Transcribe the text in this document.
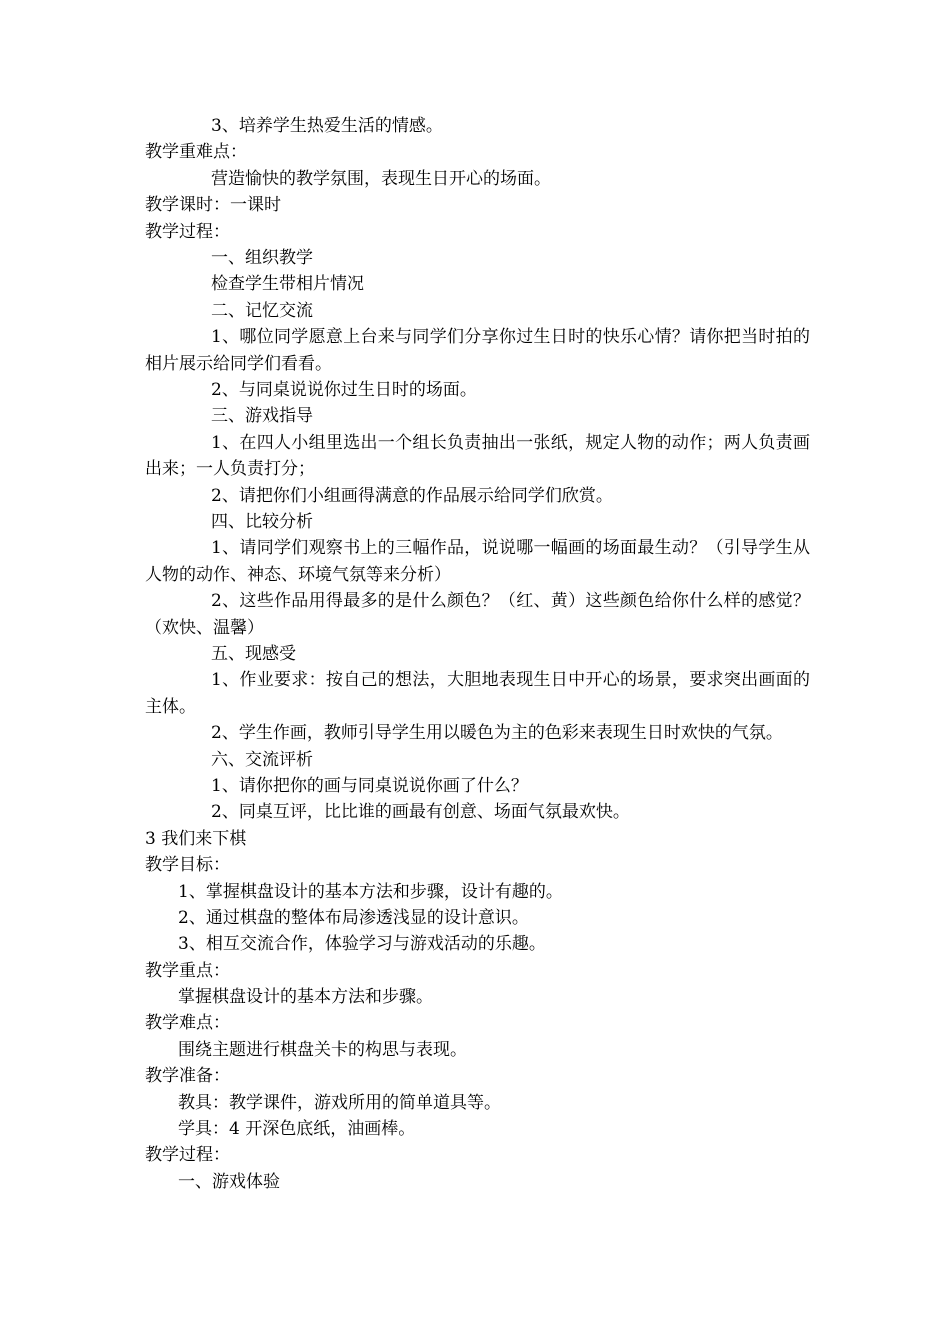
3、培养学生热爱生活的情感。
教学重难点：
营造愉快的教学氛围，表现生日开心的场面。
教学课时：一课时
教学过程：
一、组织教学
检查学生带相片情况
二、记忆交流
1、哪位同学愿意上台来与同学们分享你过生日时的快乐心情？请你把当时拍的相片展示给同学们看看。
2、与同桌说说你过生日时的场面。
三、游戏指导
1、在四人小组里选出一个组长负责抽出一张纸，规定人物的动作；两人负责画出来；一人负责打分；
2、请把你们小组画得满意的作品展示给同学们欣赏。
四、比较分析
1、请同学们观察书上的三幅作品，说说哪一幅画的场面最生动？（引导学生从人物的动作、神态、环境气氛等来分析）
2、这些作品用得最多的是什么颜色？（红、黄）这些颜色给你什么样的感觉？（欢快、温馨）
五、现感受
1、作业要求：按自己的想法，大胆地表现生日中开心的场景，要求突出画面的主体。
2、学生作画，教师引导学生用以暖色为主的色彩来表现生日时欢快的气氛。
六、交流评析
1、请你把你的画与同桌说说你画了什么？
2、同桌互评，比比谁的画最有创意、场面气氛最欢快。
3 我们来下棋
教学目标：
1、掌握棋盘设计的基本方法和步骤，设计有趣的。
2、通过棋盘的整体布局渗透浅显的设计意识。
3、相互交流合作，体验学习与游戏活动的乐趣。
教学重点：
掌握棋盘设计的基本方法和步骤。
教学难点：
围绕主题进行棋盘关卡的构思与表现。
教学准备：
教具：教学课件，游戏所用的简单道具等。
学具：4 开深色底纸，油画棒。
教学过程：
一、游戏体验
